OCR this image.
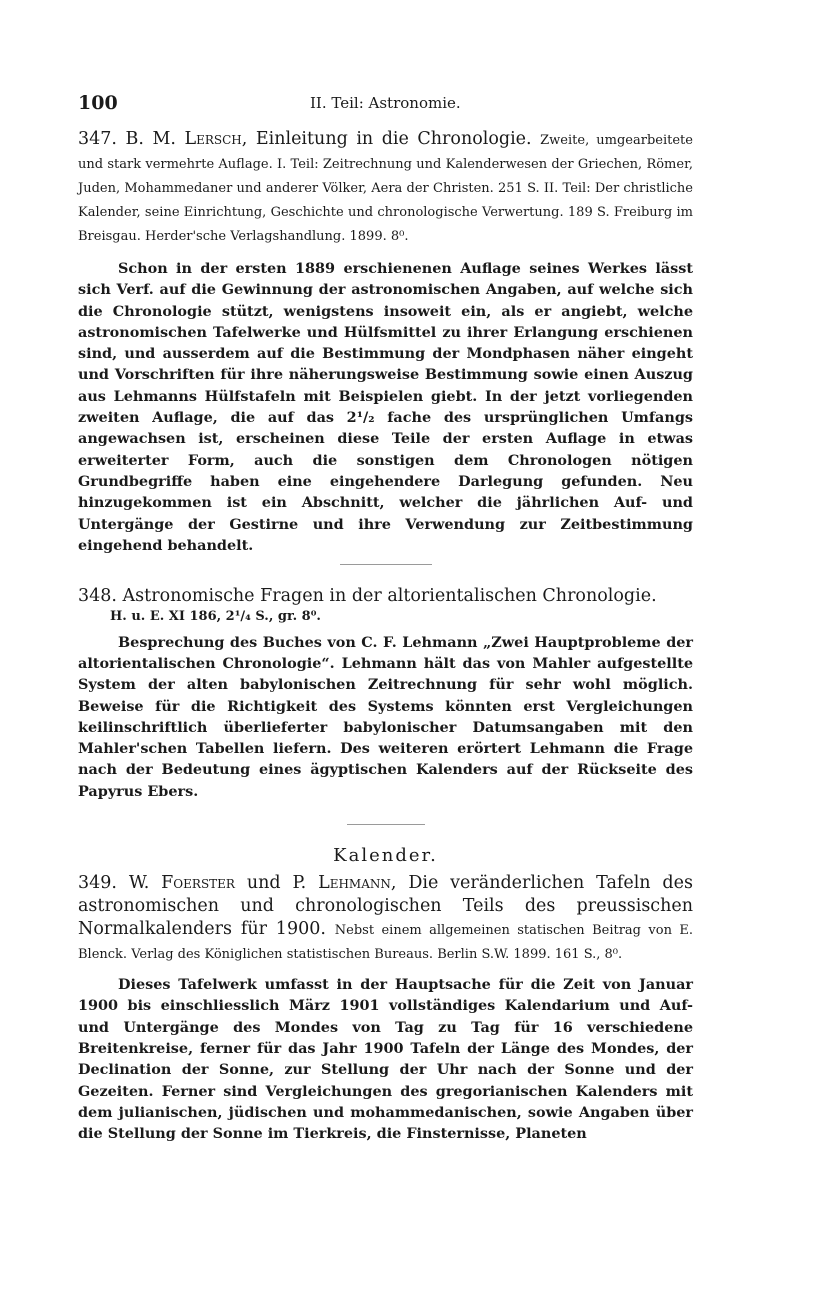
100	II. Teil: Astronomie.

347. B. M. Lersch, Einleitung in die Chronologie. Zweite, umgearbeitete und stark vermehrte Auflage. I. Teil: Zeitrechnung und Kalenderwesen der Griechen, Römer, Juden, Mohammedaner und anderer Völker, Aera der Christen. 251 S. II. Teil: Der christliche Kalender, seine Einrichtung, Geschichte und chronologische Verwertung. 189 S. Freiburg im Breisgau. Herder'sche Verlagshandlung. 1899. 8⁰.

Schon in der ersten 1889 erschienenen Auflage seines Werkes lässt sich Verf. auf die Gewinnung der astronomischen Angaben, auf welche sich die Chronologie stützt, wenigstens insoweit ein, als er angiebt, welche astronomischen Tafelwerke und Hülfsmittel zu ihrer Erlangung erschienen sind, und ausserdem auf die Bestimmung der Mondphasen näher eingeht und Vorschriften für ihre näherungsweise Bestimmung sowie einen Auszug aus Lehmanns Hülfstafeln mit Beispielen giebt. In der jetzt vorliegenden zweiten Auflage, die auf das 2¹/₂ fache des ursprünglichen Umfangs angewachsen ist, erscheinen diese Teile der ersten Auflage in etwas erweiterter Form, auch die sonstigen dem Chronologen nötigen Grundbegriffe haben eine eingehendere Darlegung gefunden. Neu hinzugekommen ist ein Abschnitt, welcher die jährlichen Auf- und Untergänge der Gestirne und ihre Verwendung zur Zeitbestimmung eingehend behandelt.

348. Astronomische Fragen in der altorientalischen Chronologie.

H. u. E. XI 186, 2¹/₄ S., gr. 8⁰.

Besprechung des Buches von C. F. Lehmann „Zwei Hauptprobleme der altorientalischen Chronologie“. Lehmann hält das von Mahler aufgestellte System der alten babylonischen Zeitrechnung für sehr wohl möglich. Beweise für die Richtigkeit des Systems könnten erst Vergleichungen keilinschriftlich überlieferter babylonischer Datumsangaben mit den Mahler'schen Tabellen liefern. Des weiteren erörtert Lehmann die Frage nach der Bedeutung eines ägyptischen Kalenders auf der Rückseite des Papyrus Ebers.

Kalender.

349. W. Foerster und P. Lehmann, Die veränderlichen Tafeln des astronomischen und chronologischen Teils des preussischen Normalkalenders für 1900. Nebst einem allgemeinen statischen Beitrag von E. Blenck. Verlag des Königlichen statistischen Bureaus. Berlin S.W. 1899. 161 S., 8⁰.

Dieses Tafelwerk umfasst in der Hauptsache für die Zeit von Januar 1900 bis einschliesslich März 1901 vollständiges Kalendarium und Auf- und Untergänge des Mondes von Tag zu Tag für 16 verschiedene Breitenkreise, ferner für das Jahr 1900 Tafeln der Länge des Mondes, der Declination der Sonne, zur Stellung der Uhr nach der Sonne und der Gezeiten. Ferner sind Vergleichungen des gregorianischen Kalenders mit dem julianischen, jüdischen und mohammedanischen, sowie Angaben über die Stellung der Sonne im Tierkreis, die Finsternisse, Planeten
